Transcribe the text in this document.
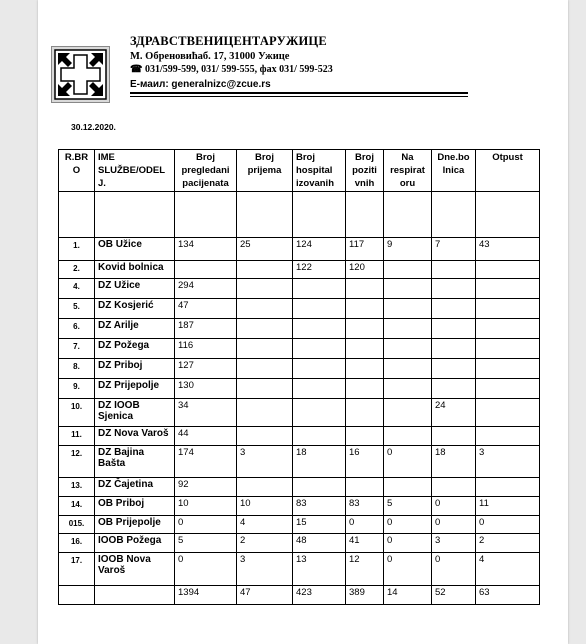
ЗДРАВСТВЕНИЦЕНТАРУЖИЦЕ
М. Обреновићаб. 17, 31000 Ужице
☎ 031/599-599, 031/ 599-555, фах 031/ 599-523
Е-маил: generalnizc@zcue.rs
30.12.2020.
R.BR O	IME SLUŽBE/ODEL J.	Broj pregledani pacijenata	Broj prijema	Broj hospital izovanih	Broj poziti vnih	Na respirat oru	Dne.bo lnica	Otpust

1.	OB Užice	134	25	124	117	9	7	43
2.	Kovid bolnica			122	120			
4.	DZ Užice	294						
5.	DZ Kosjerić	47						
6.	DZ Arilje	187						
7.	DZ Požega	116						
8.	DZ Priboj	127						
9.	DZ Prijepolje	130						
10.	DZ IOOB Sjenica	34					24	
11.	DZ Nova Varoš	44						
12.	DZ Bajina Bašta	174	3	18	16	0	18	3
13.	DZ Čajetina	92						
14.	OB Priboj	10	10	83	83	5	0	11
015.	OB Prijepolje	0	4	15	0	0	0	0
16.	IOOB Požega	5	2	48	41	0	3	2
17.	IOOB Nova Varoš	0	3	13	12	0	0	4
		1394	47	423	389	14	52	63
